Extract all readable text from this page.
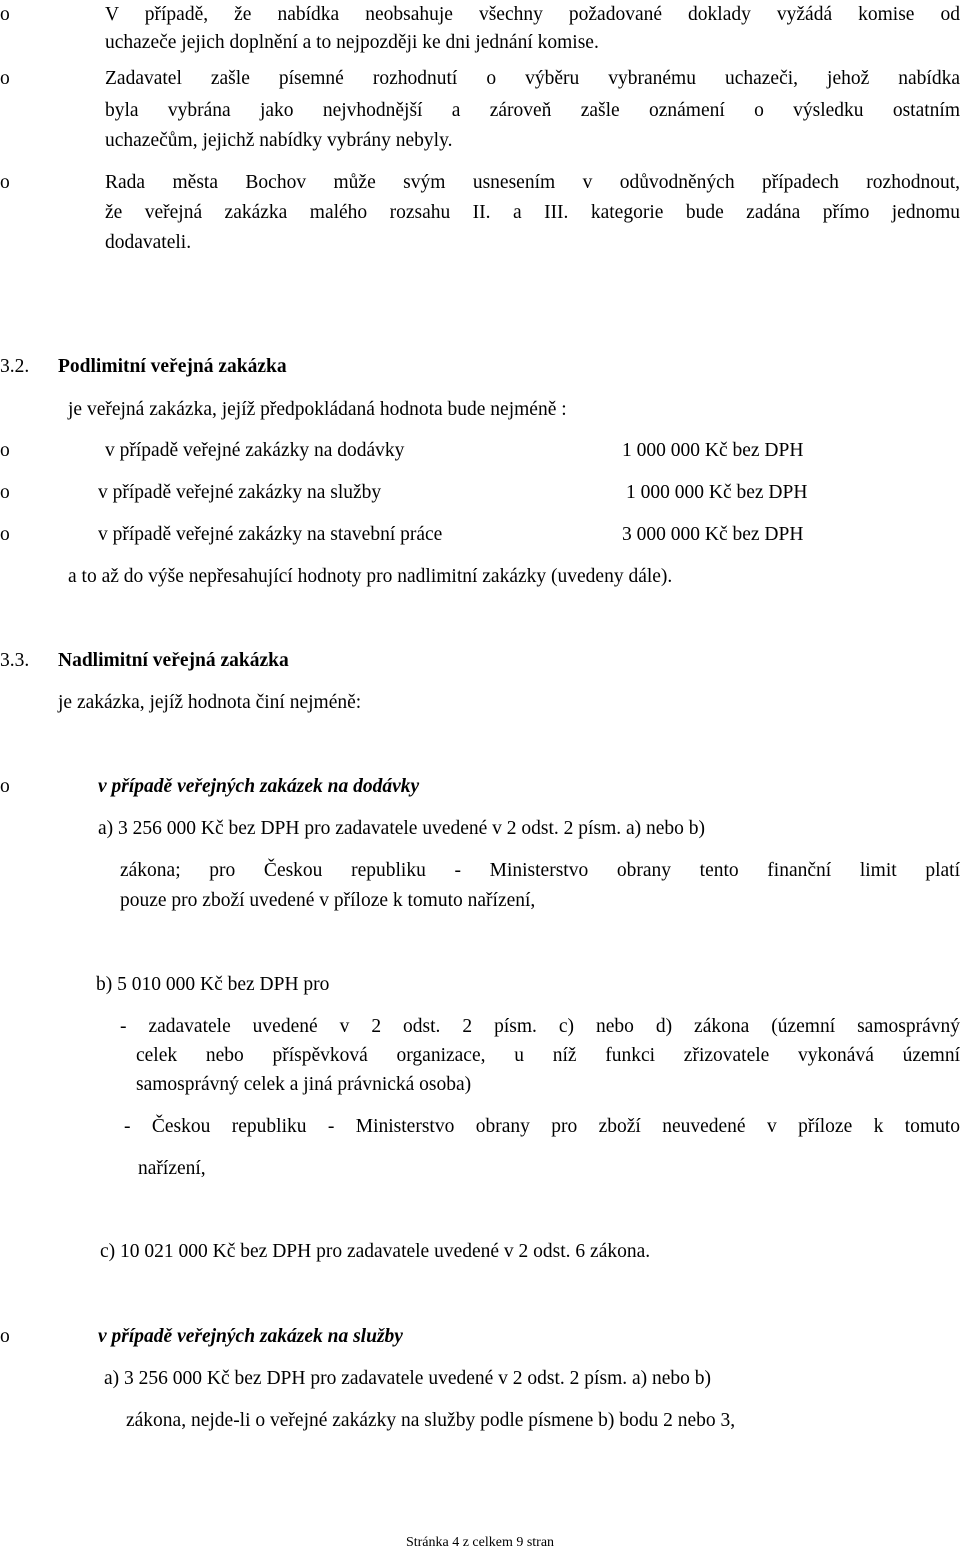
o	V případě, že nabídka neobsahuje všechny požadované doklady vyžádá komise od
uchazeče jejich doplnění a to nejpozději ke dni jednání komise.
o	Zadavatel zašle písemné rozhodnutí o výběru vybranému uchazeči, jehož nabídka
byla vybrána jako nejvhodnější a zároveň zašle oznámení o výsledku ostatním
uchazečům, jejichž nabídky vybrány nebyly.
o	Rada města Bochov může svým usnesením v odůvodněných případech rozhodnout,
že veřejná zakázka malého rozsahu II. a III. kategorie bude zadána přímo jednomu
dodavateli.
3.2. Podlimitní veřejná zakázka
je veřejná zakázka, jejíž předpokládaná hodnota bude nejméně :
o	v případě veřejné zakázky na dodávky	1 000 000 Kč bez DPH
o	v případě veřejné zakázky na služby	1 000 000 Kč bez DPH
o	v případě veřejné zakázky na stavební práce	3 000 000 Kč bez DPH
a to až do výše nepřesahující hodnoty pro nadlimitní zakázky (uvedeny dále).
3.3. Nadlimitní veřejná zakázka
je zakázka, jejíž hodnota činí nejméně:
o	v případě veřejných zakázek na dodávky
a) 3 256 000 Kč bez DPH pro zadavatele uvedené v 2 odst. 2 písm. a) nebo b)
zákona; pro Českou republiku - Ministerstvo obrany tento finanční limit platí
pouze pro zboží uvedené v příloze k tomuto nařízení,
b) 5 010 000 Kč bez DPH pro
- zadavatele uvedené v 2 odst. 2 písm. c) nebo d) zákona (územní samosprávný
celek nebo příspěvková organizace, u níž funkci zřizovatele vykonává územní
samosprávný celek a jiná právnická osoba)
- Českou republiku - Ministerstvo obrany pro zboží neuvedené v příloze k tomuto
nařízení,
c) 10 021 000 Kč bez DPH pro zadavatele uvedené v 2 odst. 6 zákona.
o	v případě veřejných zakázek na služby
a) 3 256 000 Kč bez DPH pro zadavatele uvedené v 2 odst. 2 písm. a) nebo b)
zákona, nejde-li o veřejné zakázky na služby podle písmene b) bodu 2 nebo 3,
Stránka 4 z celkem 9 stran
